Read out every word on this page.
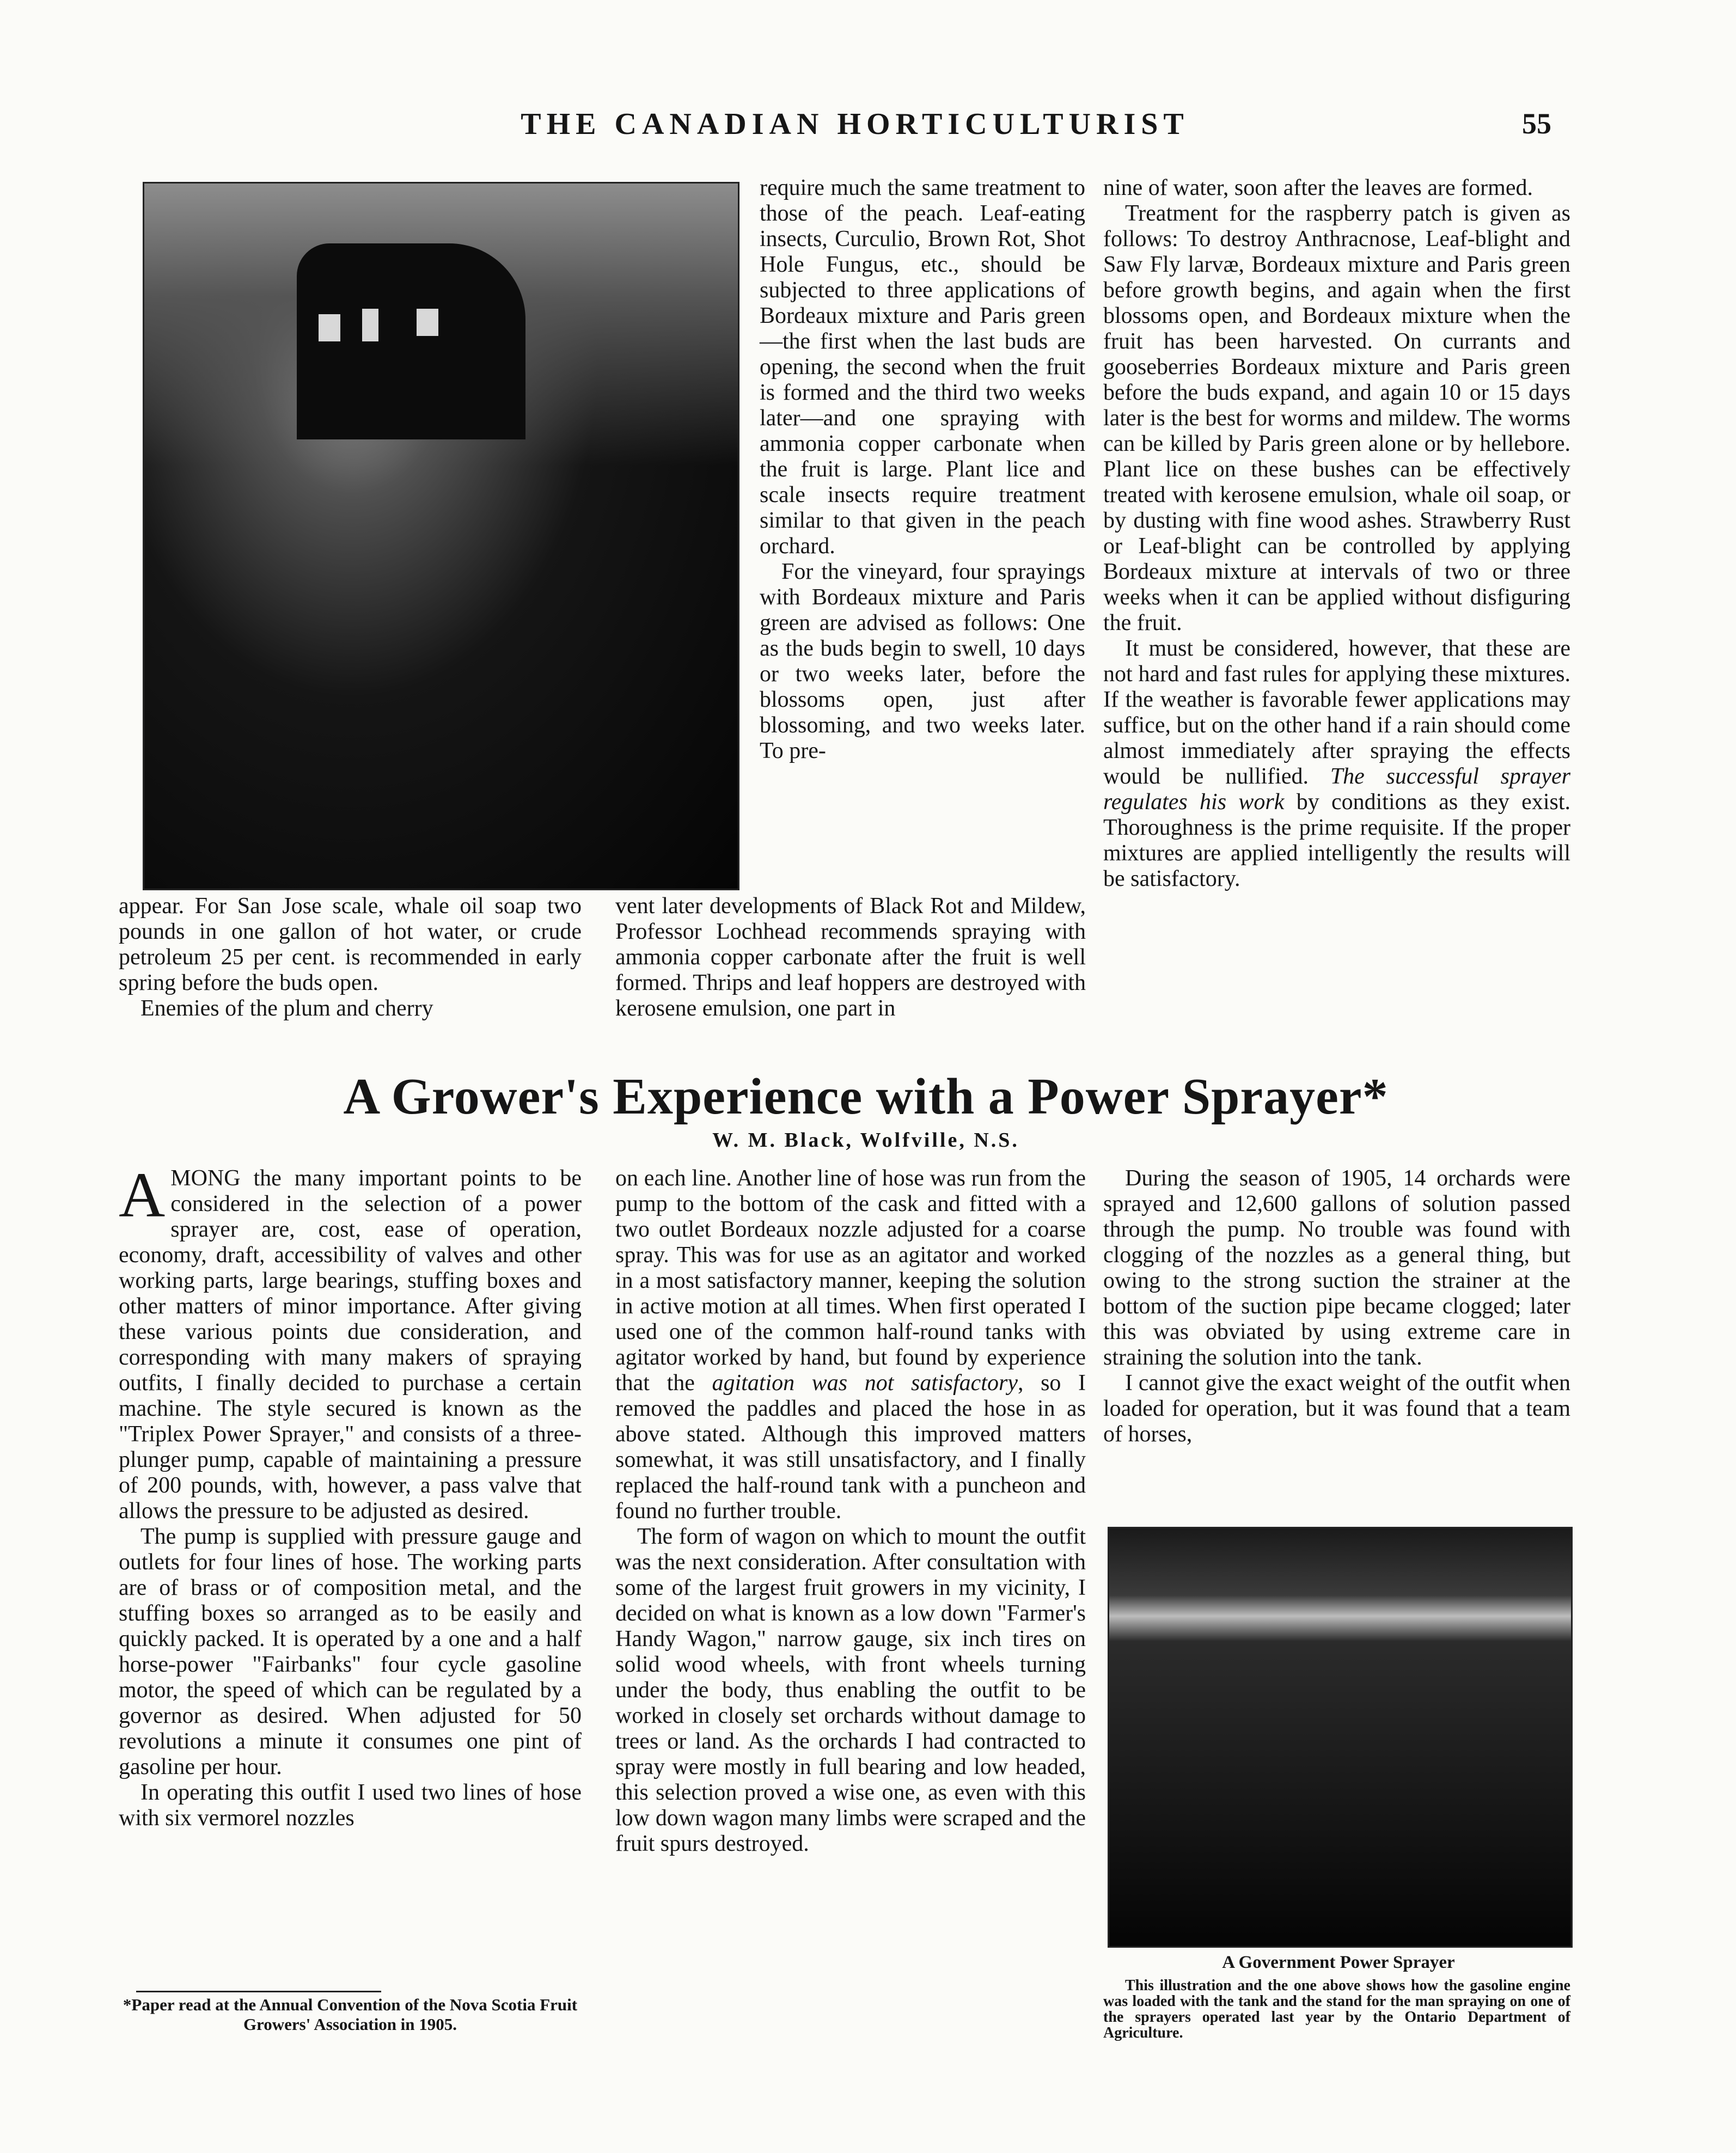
THE CANADIAN HORTICULTURIST	55

appear. For San Jose scale, whale oil soap two pounds in one gallon of hot water, or crude petroleum 25 per cent. is recommended in early spring before the buds open.

Enemies of the plum and cherry

require much the same treatment to those of the peach. Leaf-eating insects, Curculio, Brown Rot, Shot Hole Fungus, etc., should be subjected to three applications of Bordeaux mixture and Paris green—the first when the last buds are opening, the second when the fruit is formed and the third two weeks later—and one spraying with ammonia copper carbonate when the fruit is large. Plant lice and scale insects require treatment similar to that given in the peach orchard.

For the vineyard, four sprayings with Bordeaux mixture and Paris green are advised as follows: One as the buds begin to swell, 10 days or two weeks later, before the blossoms open, just after blossoming, and two weeks later. To pre-

vent later developments of Black Rot and Mildew, Professor Lochhead recommends spraying with ammonia copper carbonate after the fruit is well formed. Thrips and leaf hoppers are destroyed with kerosene emulsion, one part in

nine of water, soon after the leaves are formed.

Treatment for the raspberry patch is given as follows: To destroy Anthracnose, Leaf-blight and Saw Fly larvæ, Bordeaux mixture and Paris green before growth begins, and again when the first blossoms open, and Bordeaux mixture when the fruit has been harvested. On currants and gooseberries Bordeaux mixture and Paris green before the buds expand, and again 10 or 15 days later is the best for worms and mildew. The worms can be killed by Paris green alone or by hellebore. Plant lice on these bushes can be effectively treated with kerosene emulsion, whale oil soap, or by dusting with fine wood ashes. Strawberry Rust or Leaf-blight can be controlled by applying Bordeaux mixture at intervals of two or three weeks when it can be applied without disfiguring the fruit.

It must be considered, however, that these are not hard and fast rules for applying these mixtures. If the weather is favorable fewer applications may suffice, but on the other hand if a rain should come almost immediately after spraying the effects would be nullified. The successful sprayer regulates his work by conditions as they exist. Thoroughness is the prime requisite. If the proper mixtures are applied intelligently the results will be satisfactory.

A Grower's Experience with a Power Sprayer*
W. M. Black, Wolfville, N.S.

AMONG the many important points to be considered in the selection of a power sprayer are, cost, ease of operation, economy, draft, accessibility of valves and other working parts, large bearings, stuffing boxes and other matters of minor importance. After giving these various points due consideration, and corresponding with many makers of spraying outfits, I finally decided to purchase a certain machine. The style secured is known as the "Triplex Power Sprayer," and consists of a three-plunger pump, capable of maintaining a pressure of 200 pounds, with, however, a pass valve that allows the pressure to be adjusted as desired.

The pump is supplied with pressure gauge and outlets for four lines of hose. The working parts are of brass or of composition metal, and the stuffing boxes so arranged as to be easily and quickly packed. It is operated by a one and a half horse-power "Fairbanks" four cycle gasoline motor, the speed of which can be regulated by a governor as desired. When adjusted for 50 revolutions a minute it consumes one pint of gasoline per hour.

In operating this outfit I used two lines of hose with six vermorel nozzles

on each line. Another line of hose was run from the pump to the bottom of the cask and fitted with a two outlet Bordeaux nozzle adjusted for a coarse spray. This was for use as an agitator and worked in a most satisfactory manner, keeping the solution in active motion at all times. When first operated I used one of the common half-round tanks with agitator worked by hand, but found by experience that the agitation was not satisfactory, so I removed the paddles and placed the hose in as above stated. Although this improved matters somewhat, it was still unsatisfactory, and I finally replaced the half-round tank with a puncheon and found no further trouble.

The form of wagon on which to mount the outfit was the next consideration. After consultation with some of the largest fruit growers in my vicinity, I decided on what is known as a low down "Farmer's Handy Wagon," narrow gauge, six inch tires on solid wood wheels, with front wheels turning under the body, thus enabling the outfit to be worked in closely set orchards without damage to trees or land. As the orchards I had contracted to spray were mostly in full bearing and low headed, this selection proved a wise one, as even with this low down wagon many limbs were scraped and the fruit spurs destroyed.

During the season of 1905, 14 orchards were sprayed and 12,600 gallons of solution passed through the pump. No trouble was found with clogging of the nozzles as a general thing, but owing to the strong suction the strainer at the bottom of the suction pipe became clogged; later this was obviated by using extreme care in straining the solution into the tank.

I cannot give the exact weight of the outfit when loaded for operation, but it was found that a team of horses,

*Paper read at the Annual Convention of the Nova Scotia Fruit Growers' Association in 1905.
A Government Power Sprayer
This illustration and the one above shows how the gasoline engine was loaded with the tank and the stand for the man spraying on one of the sprayers operated last year by the Ontario Department of Agriculture.
